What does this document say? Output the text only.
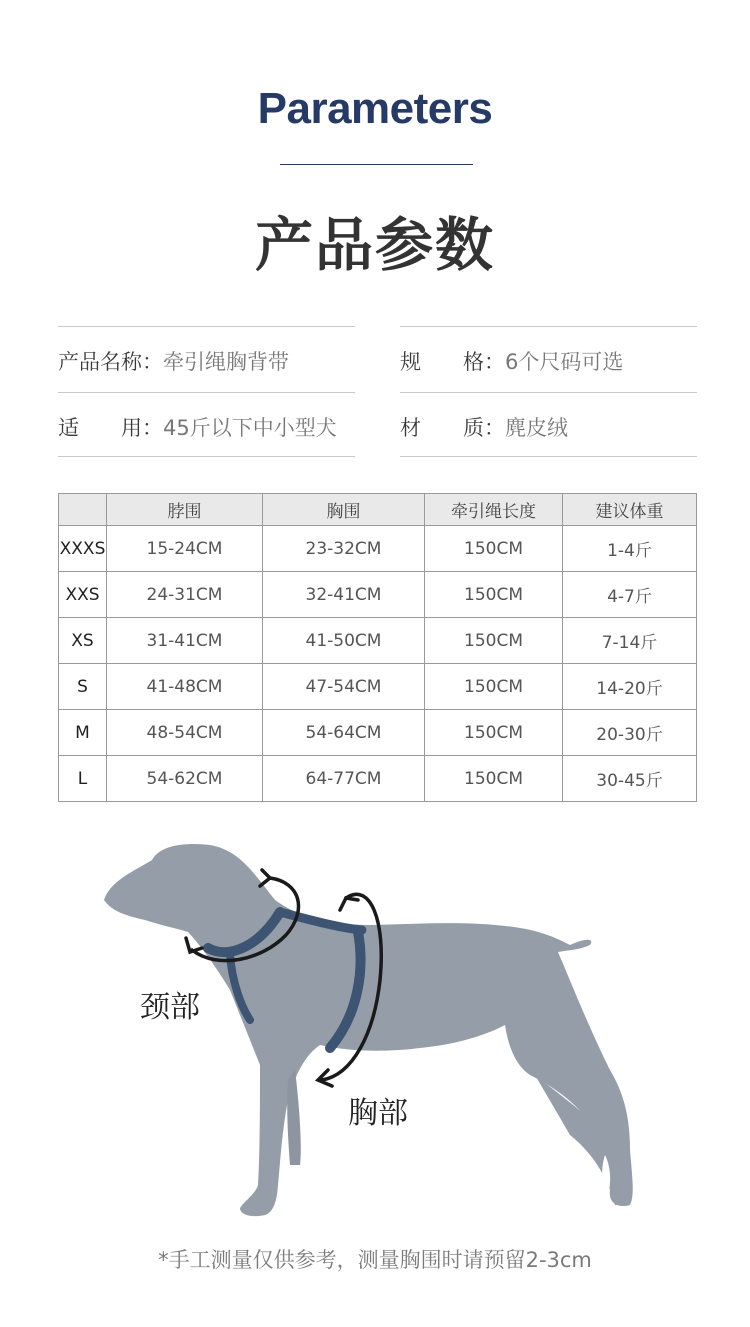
Parameters
产品参数
产品名称：牵引绳胸背带	规　　格：6个尺码可选
适　　用：45斤以下中小型犬	材　　质：麂皮绒
	脖围	胸围	牵引绳长度	建议体重
XXXS	15-24CM	23-32CM	150CM	1-4斤
XXS	24-31CM	32-41CM	150CM	4-7斤
XS	31-41CM	41-50CM	150CM	7-14斤
S	41-48CM	47-54CM	150CM	14-20斤
M	48-54CM	54-64CM	150CM	20-30斤
L	54-62CM	64-77CM	150CM	30-45斤
颈部
胸部
*手工测量仅供参考，测量胸围时请预留2-3cm
